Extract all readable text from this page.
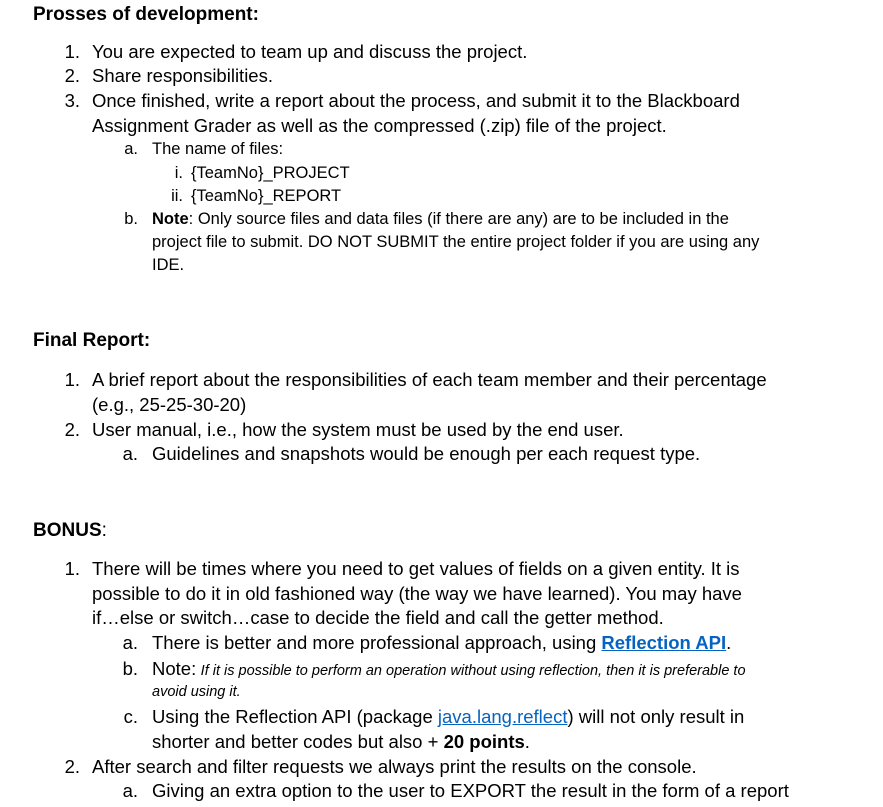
Prosses of development:
1. You are expected to team up and discuss the project.
2. Share responsibilities.
3. Once finished, write a report about the process, and submit it to the Blackboard
Assignment Grader as well as the compressed (.zip) file of the project.
a. The name of files:
i. {TeamNo}_PROJECT
ii. {TeamNo}_REPORT
b. Note: Only source files and data files (if there are any) are to be included in the
project file to submit. DO NOT SUBMIT the entire project folder if you are using any
IDE.
Final Report:
1. A brief report about the responsibilities of each team member and their percentage
(e.g., 25-25-30-20)
2. User manual, i.e., how the system must be used by the end user.
a. Guidelines and snapshots would be enough per each request type.
BONUS:
1. There will be times where you need to get values of fields on a given entity. It is
possible to do it in old fashioned way (the way we have learned). You may have
if…else or switch…case to decide the field and call the getter method.
a. There is better and more professional approach, using Reflection API.
b. Note: If it is possible to perform an operation without using reflection, then it is preferable to
avoid using it.
c. Using the Reflection API (package java.lang.reflect) will not only result in
shorter and better codes but also + 20 points.
2. After search and filter requests we always print the results on the console.
a. Giving an extra option to the user to EXPORT the result in the form of a report
